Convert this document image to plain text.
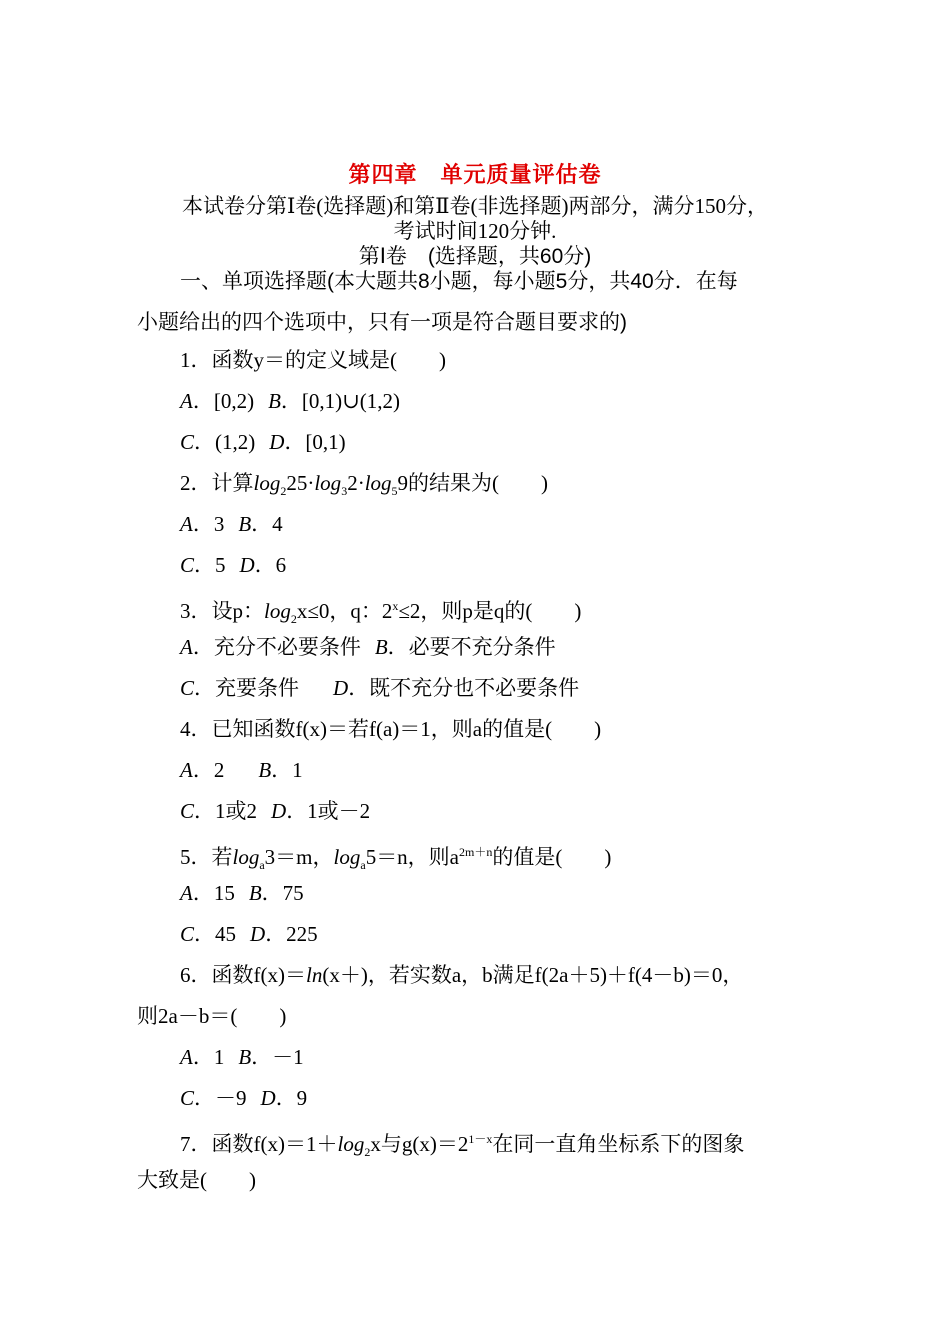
第四章　单元质量评估卷
本试卷分第Ⅰ卷(选择题)和第Ⅱ卷(非选择题)两部分，满分150分，
考试时间120分钟.
第Ⅰ卷　(选择题，共60分)
一、单项选择题(本大题共8小题，每小题5分，共40分．在每
小题给出的四个选项中，只有一项是符合题目要求的)
1．函数y＝的定义域是(　　)
A．[0,2) B．[0,1)∪(1,2)
C．(1,2) D．[0,1)
2．计算$\log_225\cdot\log_32\cdot\log_59$的结果为(　　)
A．3 B．4
C．5 D．6
3．设p：$\log_2x\le 0$，q：$2^x\le 2$，则p是q的(　　)
A．充分不必要条件 B．必要不充分条件
C．充要条件 D．既不充分也不必要条件
4．已知函数f(x)＝若f(a)＝1，则a的值是(　　)
A．2 B．1
C．1或2 D．1或－2
5．若$\log_a3=m$，$\log_a5=n$，则$a^{2m+n}$的值是(　　)
A．15 B．75
C．45 D．225
6．函数f(x)＝ln(x＋)，若实数a，b满足f(2a＋5)＋f(4－b)＝0，
则2a－b＝(　　)
A．1 B．－1
C．－9 D．9
7．函数$f(x)=1+\log_2x$与$g(x)=2^{1-x}$在同一直角坐标系下的图象
大致是(　　)
